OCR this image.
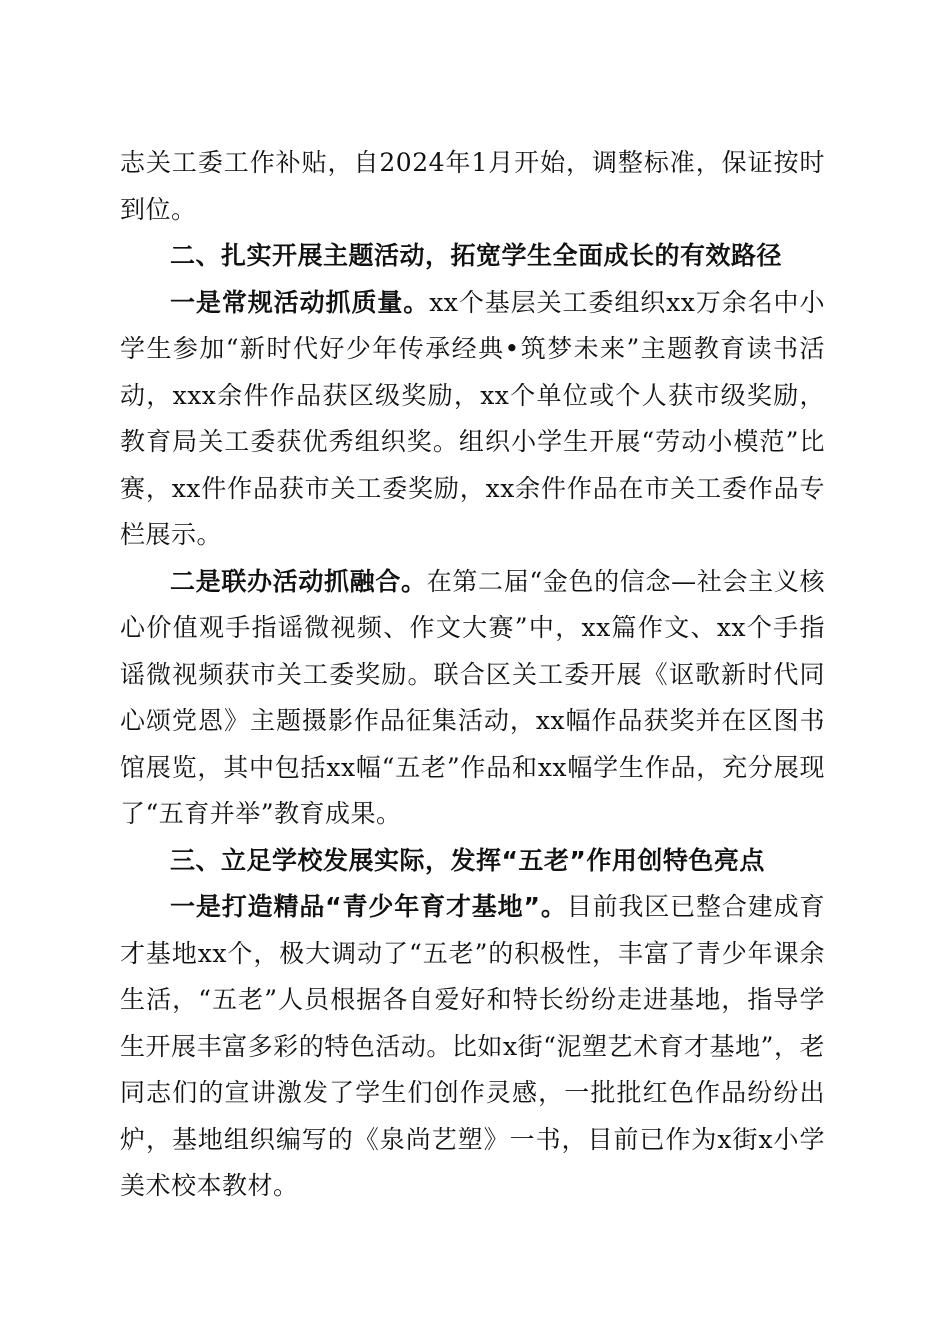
志关工委工作补贴，自2024年1月开始，调整标准，保证按时到位。

二、扎实开展主题活动，拓宽学生全面成长的有效路径

一是常规活动抓质量。xx个基层关工委组织xx万余名中小学生参加“新时代好少年传承经典•筑梦未来”主题教育读书活动，xxx余件作品获区级奖励，xx个单位或个人获市级奖励，教育局关工委获优秀组织奖。组织小学生开展“劳动小模范”比赛，xx件作品获市关工委奖励，xx余件作品在市关工委作品专栏展示。

二是联办活动抓融合。在第二届“金色的信念—社会主义核心价值观手指谣微视频、作文大赛”中，xx篇作文、xx个手指谣微视频获市关工委奖励。联合区关工委开展《讴歌新时代同心颂党恩》主题摄影作品征集活动，xx幅作品获奖并在区图书馆展览，其中包括xx幅“五老”作品和xx幅学生作品，充分展现了“五育并举”教育成果。

三、立足学校发展实际，发挥“五老”作用创特色亮点

一是打造精品“青少年育才基地”。目前我区已整合建成育才基地xx个，极大调动了“五老”的积极性，丰富了青少年课余生活，“五老”人员根据各自爱好和特长纷纷走进基地，指导学生开展丰富多彩的特色活动。比如x街“泥塑艺术育才基地”，老同志们的宣讲激发了学生们创作灵感，一批批红色作品纷纷出炉，基地组织编写的《泉尚艺塑》一书，目前已作为x街x小学美术校本教材。
